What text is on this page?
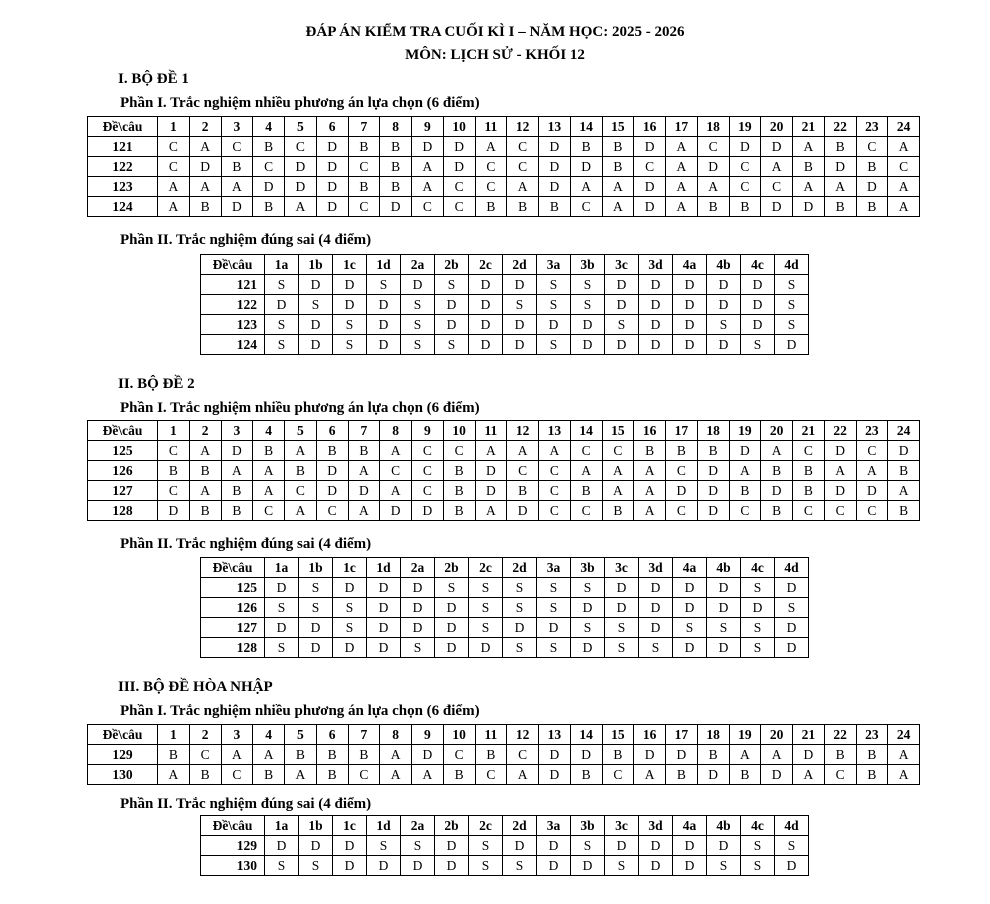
ĐÁP ÁN KIỂM TRA CUỐI KÌ I – NĂM HỌC: 2025 - 2026
MÔN: LỊCH SỬ - KHỐI 12
I. BỘ ĐỀ 1
Phần I. Trắc nghiệm nhiều phương án lựa chọn (6 điểm)
Đề\câu	1	2	3	4	5	6	7	8	9	10	11	12	13	14	15	16	17	18	19	20	21	22	23	24
121	C	A	C	B	C	D	B	B	D	D	A	C	D	B	B	D	A	C	D	D	A	B	C	A
122	C	D	B	C	D	D	C	B	A	D	C	C	D	D	B	C	A	D	C	A	B	D	B	C
123	A	A	A	D	D	D	B	B	A	C	C	A	D	A	A	D	A	A	C	C	A	A	D	A
124	A	B	D	B	A	D	C	D	C	C	B	B	B	C	A	D	A	B	B	D	D	B	B	A
Phần II. Trắc nghiệm đúng sai (4 điểm)
Đề\câu	1a	1b	1c	1d	2a	2b	2c	2d	3a	3b	3c	3d	4a	4b	4c	4d
121	S	D	D	S	D	S	D	D	S	S	D	D	D	D	D	S
122	D	S	D	D	S	D	D	S	S	S	D	D	D	D	D	S
123	S	D	S	D	S	D	D	D	D	D	S	D	D	S	D	S
124	S	D	S	D	S	S	D	D	S	D	D	D	D	D	S	D
II. BỘ ĐỀ 2
Phần I. Trắc nghiệm nhiều phương án lựa chọn (6 điểm)
Đề\câu	1	2	3	4	5	6	7	8	9	10	11	12	13	14	15	16	17	18	19	20	21	22	23	24
125	C	A	D	B	A	B	B	A	C	C	A	A	A	C	C	B	B	B	D	A	C	D	C	D
126	B	B	A	A	B	D	A	C	C	B	D	C	C	A	A	A	C	D	A	B	B	A	A	B
127	C	A	B	A	C	D	D	A	C	B	D	B	C	B	A	A	D	D	B	D	B	D	D	A
128	D	B	B	C	A	C	A	D	D	B	A	D	C	C	B	A	C	D	C	B	C	C	C	B
Phần II. Trắc nghiệm đúng sai (4 điểm)
Đề\câu	1a	1b	1c	1d	2a	2b	2c	2d	3a	3b	3c	3d	4a	4b	4c	4d
125	D	S	D	D	D	S	S	S	S	S	D	D	D	D	S	D
126	S	S	S	D	D	D	S	S	S	D	D	D	D	D	D	S
127	D	D	S	D	D	D	S	D	D	S	S	D	S	S	S	D
128	S	D	D	D	S	D	D	S	S	D	S	S	D	D	S	D
III. BỘ ĐỀ HÒA NHẬP
Phần I. Trắc nghiệm nhiều phương án lựa chọn (6 điểm)
Đề\câu	1	2	3	4	5	6	7	8	9	10	11	12	13	14	15	16	17	18	19	20	21	22	23	24
129	B	C	A	A	B	B	B	A	D	C	B	C	D	D	B	D	D	B	A	A	D	B	B	A
130	A	B	C	B	A	B	C	A	A	B	C	A	D	B	C	A	B	D	B	D	A	C	B	A
Phần II. Trắc nghiệm đúng sai (4 điểm)
Đề\câu	1a	1b	1c	1d	2a	2b	2c	2d	3a	3b	3c	3d	4a	4b	4c	4d
129	D	D	D	S	S	D	S	D	D	S	D	D	D	D	S	S
130	S	S	D	D	D	D	S	S	D	D	S	D	D	S	S	D
